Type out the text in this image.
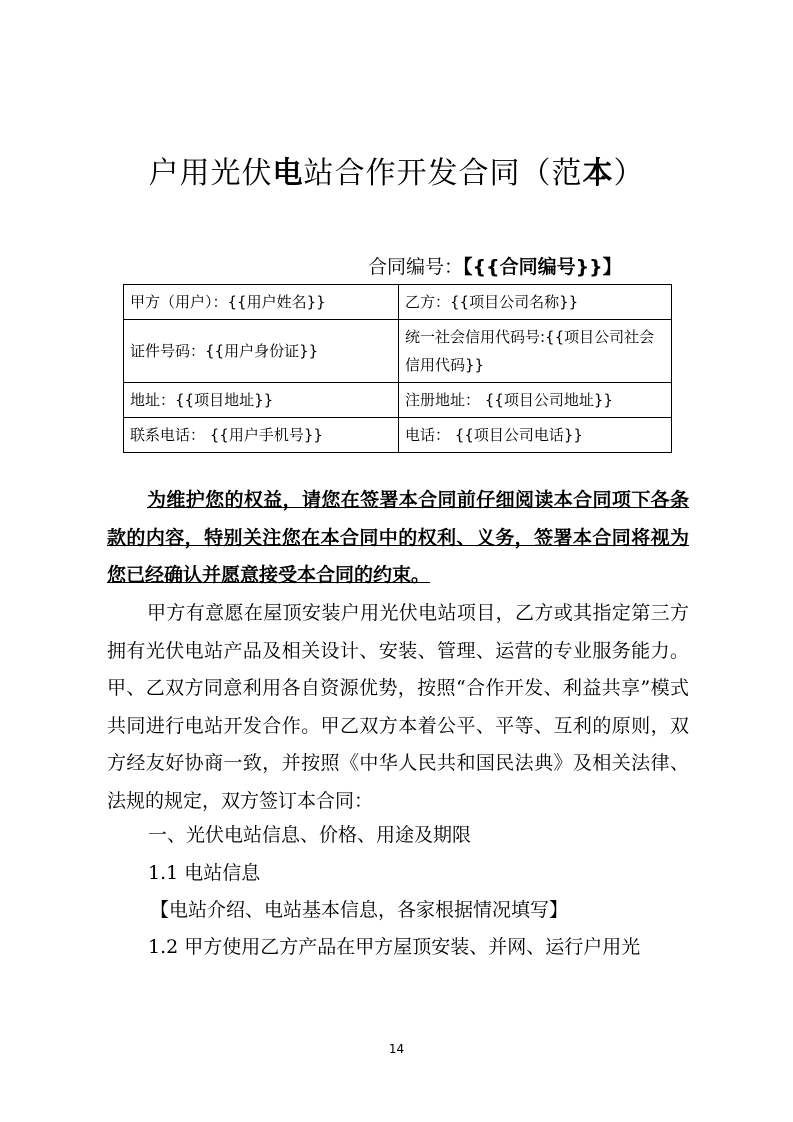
户用光伏电站合作开发合同（范本）
合同编号：【{{合同编号}}】
甲方（用户）：{{用户姓名}}	乙方：{{项目公司名称}}
证件号码：{{用户身份证}}	统一社会信用代码号:{{项目公司社会信用代码}}
地址：{{项目地址}}	注册地址： {{项目公司地址}}
联系电话： {{用户手机号}}	电话： {{项目公司电话}}
为维护您的权益，请您在签署本合同前仔细阅读本合同项下各条款的内容，特别关注您在本合同中的权利、义务，签署本合同将视为您已经确认并愿意接受本合同的约束。
甲方有意愿在屋顶安装户用光伏电站项目，乙方或其指定第三方拥有光伏电站产品及相关设计、安装、管理、运营的专业服务能力。甲、乙双方同意利用各自资源优势，按照“合作开发、利益共享”模式共同进行电站开发合作。甲乙双方本着公平、平等、互利的原则，双方经友好协商一致，并按照《中华人民共和国民法典》及相关法律、法规的规定，双方签订本合同：
一、光伏电站信息、价格、用途及期限
1.1 电站信息
【电站介绍、电站基本信息，各家根据情况填写】
1.2 甲方使用乙方产品在甲方屋顶安装、并网、运行户用光
14
